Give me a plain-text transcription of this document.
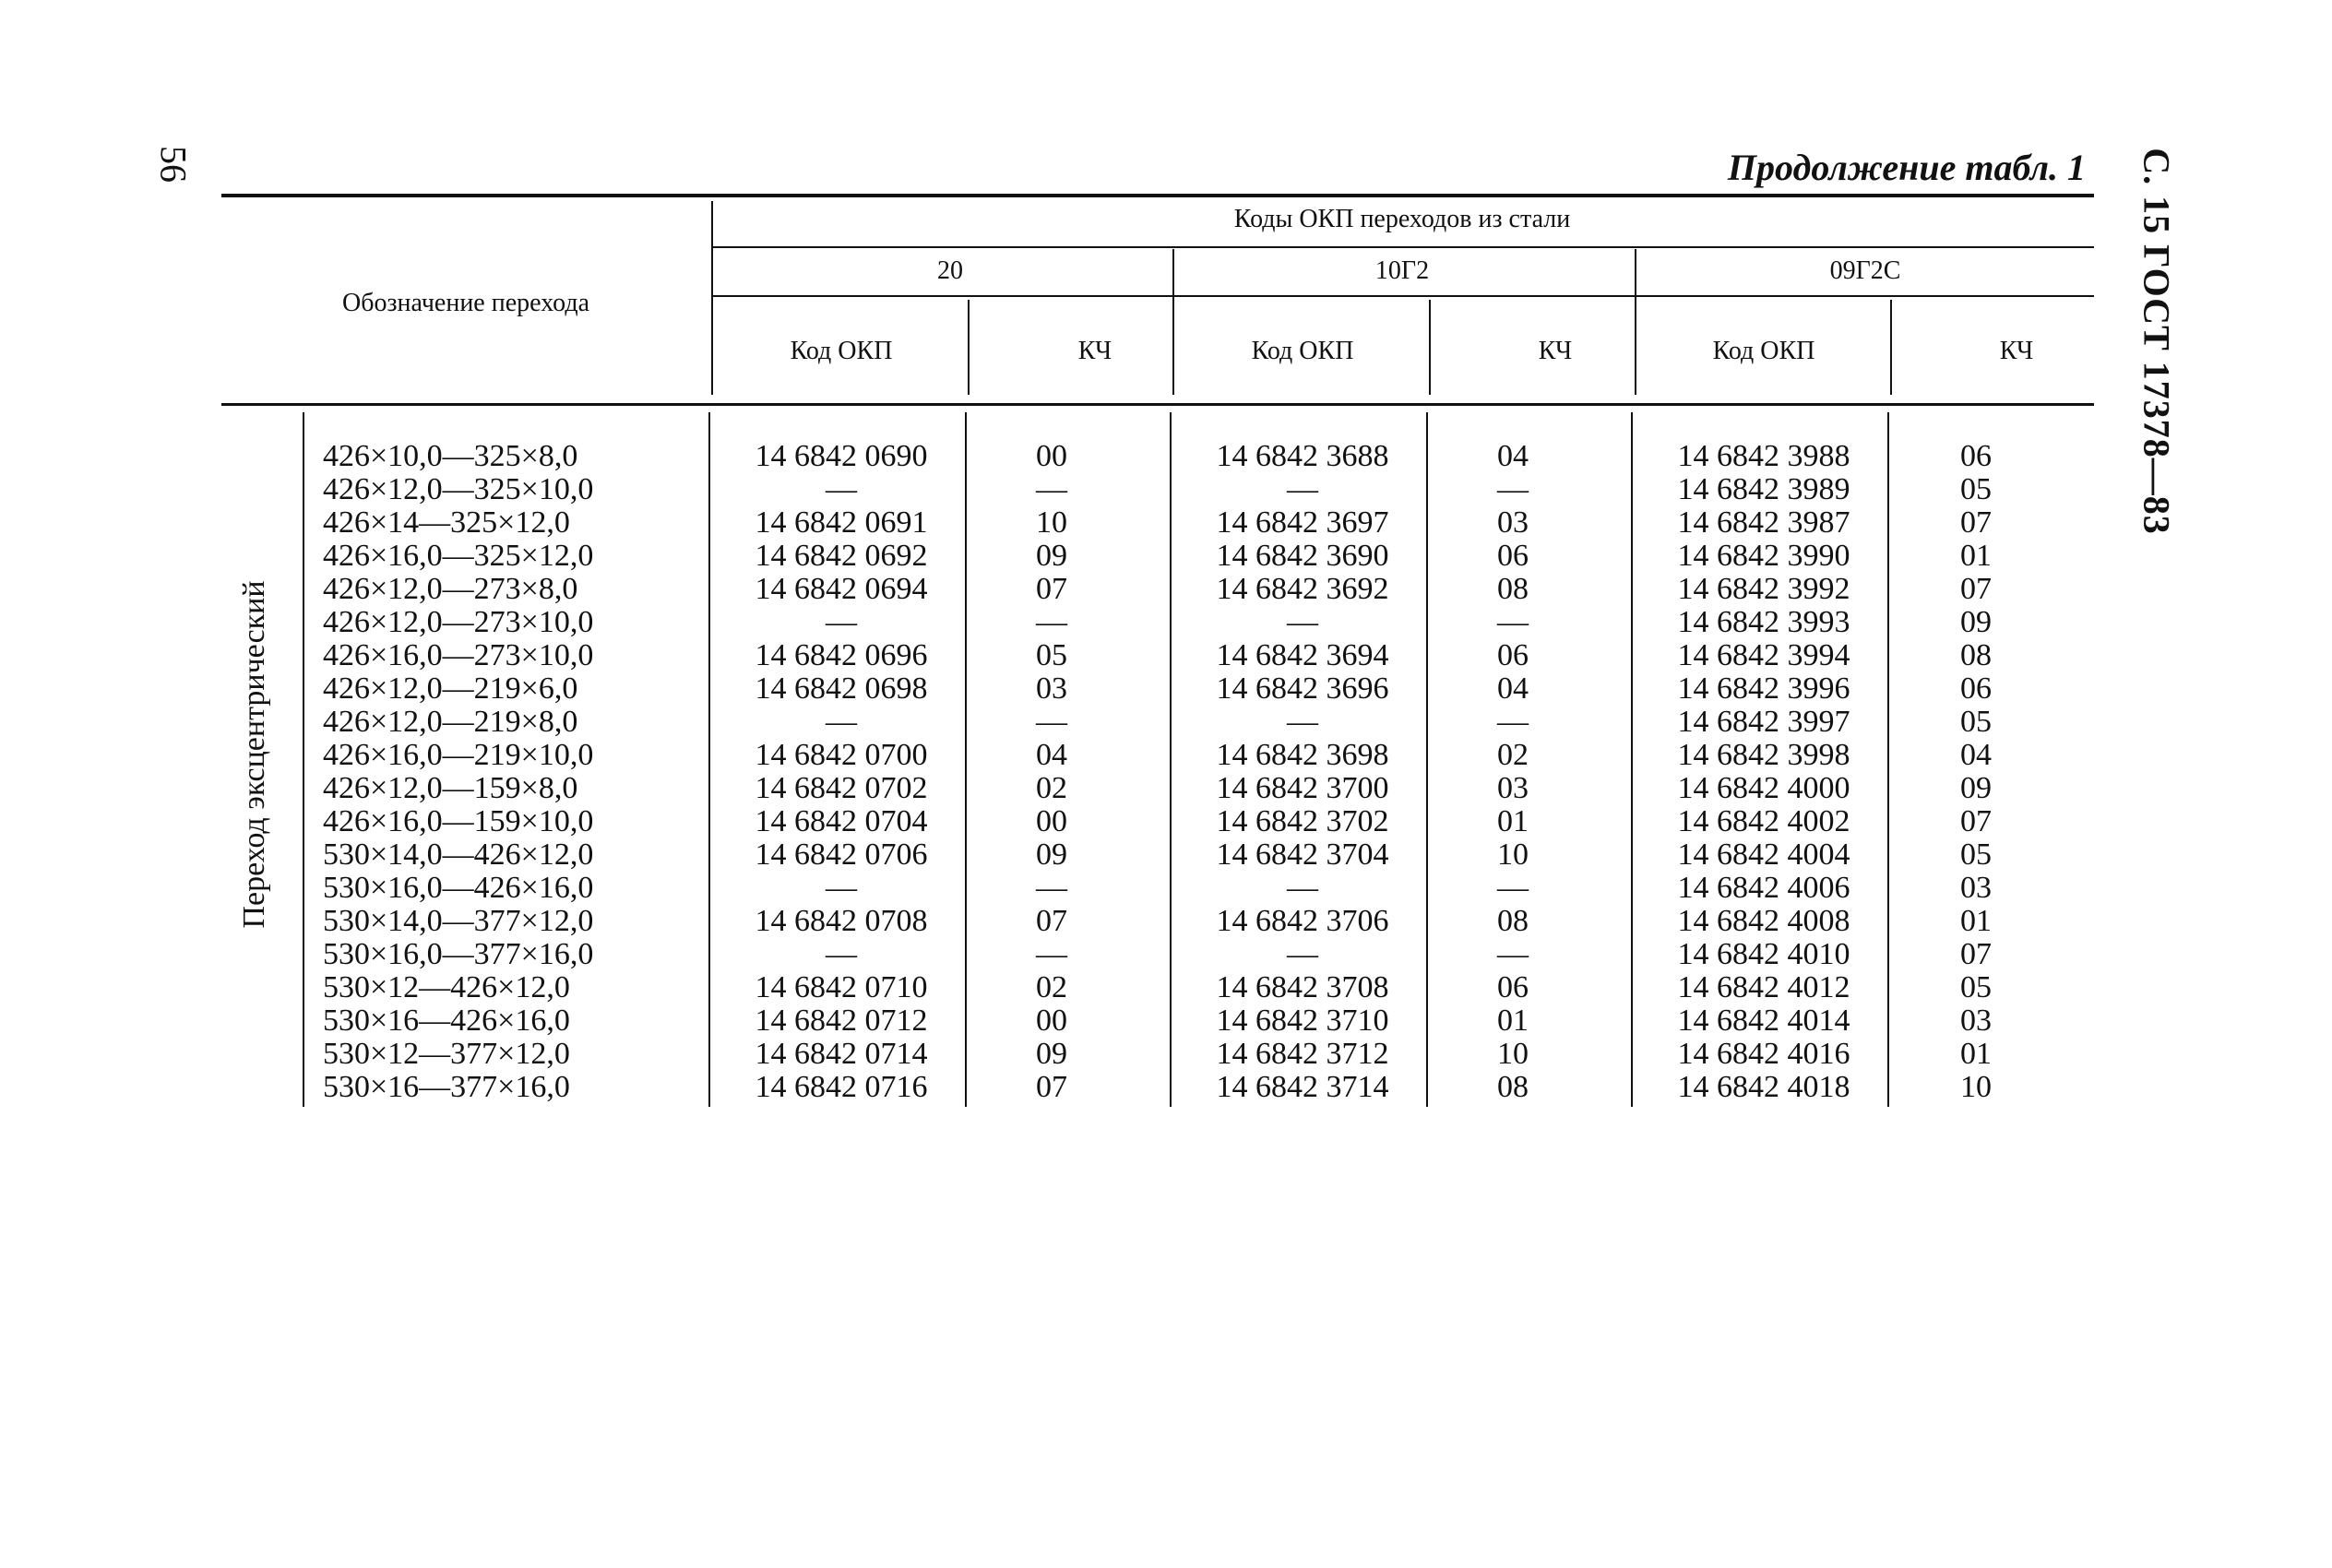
56	С. 15 ГОСТ 17378—83
Продолжение табл. 1
Обозначение перехода
Коды ОКП переходов из стали
20	10Г2	09Г2С
Код ОКП	КЧ	Код ОКП	КЧ	Код ОКП	КЧ
Переход эксцентрический
426×10,0—325×8,0	14 6842 0690	00	14 6842 3688	04	14 6842 3988	06
426×12,0—325×10,0	—	—	—	—	14 6842 3989	05
426×14—325×12,0	14 6842 0691	10	14 6842 3697	03	14 6842 3987	07
426×16,0—325×12,0	14 6842 0692	09	14 6842 3690	06	14 6842 3990	01
426×12,0—273×8,0	14 6842 0694	07	14 6842 3692	08	14 6842 3992	07
426×12,0—273×10,0	—	—	—	—	14 6842 3993	09
426×16,0—273×10,0	14 6842 0696	05	14 6842 3694	06	14 6842 3994	08
426×12,0—219×6,0	14 6842 0698	03	14 6842 3696	04	14 6842 3996	06
426×12,0—219×8,0	—	—	—	—	14 6842 3997	05
426×16,0—219×10,0	14 6842 0700	04	14 6842 3698	02	14 6842 3998	04
426×12,0—159×8,0	14 6842 0702	02	14 6842 3700	03	14 6842 4000	09
426×16,0—159×10,0	14 6842 0704	00	14 6842 3702	01	14 6842 4002	07
530×14,0—426×12,0	14 6842 0706	09	14 6842 3704	10	14 6842 4004	05
530×16,0—426×16,0	—	—	—	—	14 6842 4006	03
530×14,0—377×12,0	14 6842 0708	07	14 6842 3706	08	14 6842 4008	01
530×16,0—377×16,0	—	—	—	—	14 6842 4010	07
530×12—426×12,0	14 6842 0710	02	14 6842 3708	06	14 6842 4012	05
530×16—426×16,0	14 6842 0712	00	14 6842 3710	01	14 6842 4014	03
530×12—377×12,0	14 6842 0714	09	14 6842 3712	10	14 6842 4016	01
530×16—377×16,0	14 6842 0716	07	14 6842 3714	08	14 6842 4018	10
